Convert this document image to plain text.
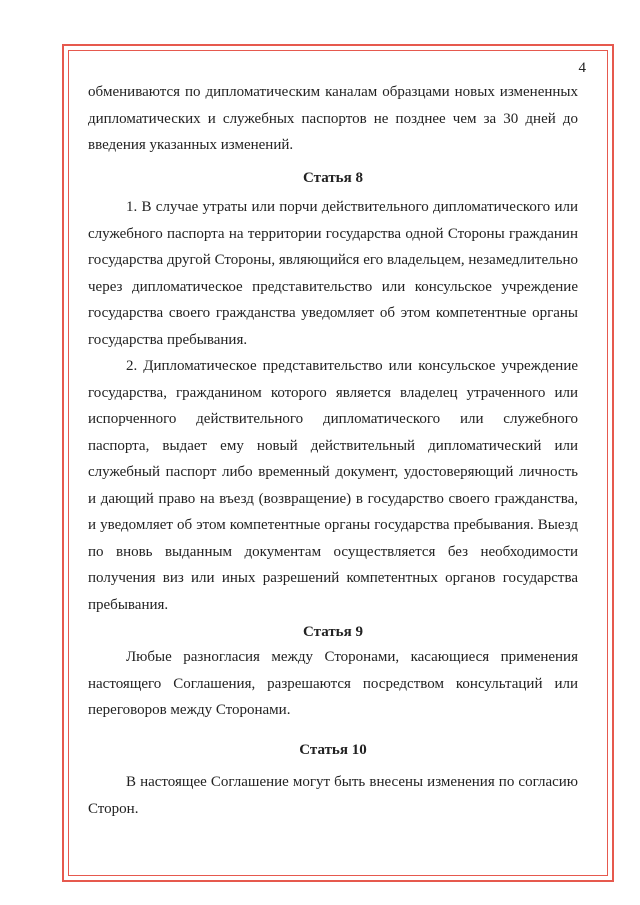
4

обмениваются по дипломатическим каналам образцами новых измененных дипломатических и служебных паспортов не позднее чем за 30 дней до введения указанных изменений.

Статья 8

1. В случае утраты или порчи действительного дипломатического или служебного паспорта на территории государства одной Стороны гражданин государства другой Стороны, являющийся его владельцем, незамедлительно через дипломатическое представительство или консульское учреждение государства своего гражданства уведомляет об этом компетентные органы государства пребывания.

2. Дипломатическое представительство или консульское учреждение государства, гражданином которого является владелец утраченного или испорченного действительного дипломатического или служебного паспорта, выдает ему новый действительный дипломатический или служебный паспорт либо временный документ, удостоверяющий личность и дающий право на въезд (возвращение) в государство своего гражданства, и уведомляет об этом компетентные органы государства пребывания. Выезд по вновь выданным документам осуществляется без необходимости получения виз или иных разрешений компетентных органов государства пребывания.

Статья 9

Любые разногласия между Сторонами, касающиеся применения настоящего Соглашения, разрешаются посредством консультаций или переговоров между Сторонами.

Статья 10

В настоящее Соглашение могут быть внесены изменения по согласию Сторон.
